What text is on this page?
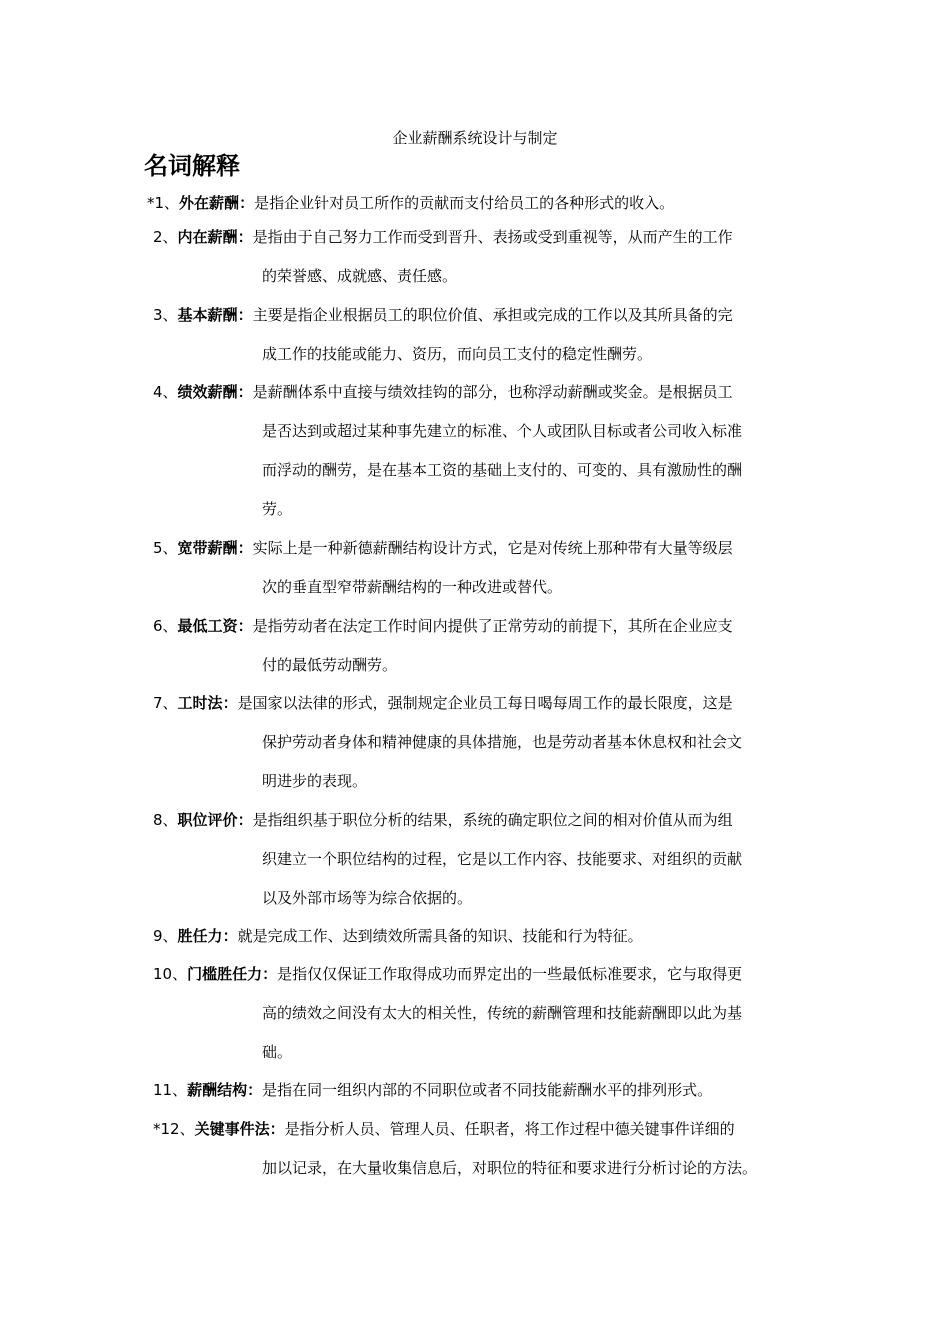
企业薪酬系统设计与制定
名词解释
*1、 外在薪酬：是指企业针对员工所作的贡献而支付给员工的各种形式的收入。
2、 内在薪酬：是指由于自己努力工作而受到晋升、表扬或受到重视等，从而产生的工作
的荣誉感、成就感、责任感。
3、 基本薪酬：主要是指企业根据员工的职位价值、承担或完成的工作以及其所具备的完
成工作的技能或能力、资历，而向员工支付的稳定性酬劳。
4、 绩效薪酬：是薪酬体系中直接与绩效挂钩的部分，也称浮动薪酬或奖金。是根据员工
是否达到或超过某种事先建立的标准、个人或团队目标或者公司收入标准
而浮动的酬劳，是在基本工资的基础上支付的、可变的、具有激励性的酬
劳。
5、 宽带薪酬：实际上是一种新德薪酬结构设计方式，它是对传统上那种带有大量等级层
次的垂直型窄带薪酬结构的一种改进或替代。
6、 最低工资：是指劳动者在法定工作时间内提供了正常劳动的前提下，其所在企业应支
付的最低劳动酬劳。
7、 工时法：是国家以法律的形式，强制规定企业员工每日喝每周工作的最长限度，这是
保护劳动者身体和精神健康的具体措施，也是劳动者基本休息权和社会文
明进步的表现。
8、 职位评价：是指组织基于职位分析的结果，系统的确定职位之间的相对价值从而为组
织建立一个职位结构的过程，它是以工作内容、技能要求、对组织的贡献
以及外部市场等为综合依据的。
9、 胜任力：就是完成工作、达到绩效所需具备的知识、技能和行为特征。
10、 门槛胜任力：是指仅仅保证工作取得成功而界定出的一些最低标准要求，它与取得更
高的绩效之间没有太大的相关性，传统的薪酬管理和技能薪酬即以此为基
础。
11、 薪酬结构：是指在同一组织内部的不同职位或者不同技能薪酬水平的排列形式。
*12、 关键事件法：是指分析人员、管理人员、任职者，将工作过程中德关键事件详细的
加以记录，在大量收集信息后，对职位的特征和要求进行分析讨论的方法。
